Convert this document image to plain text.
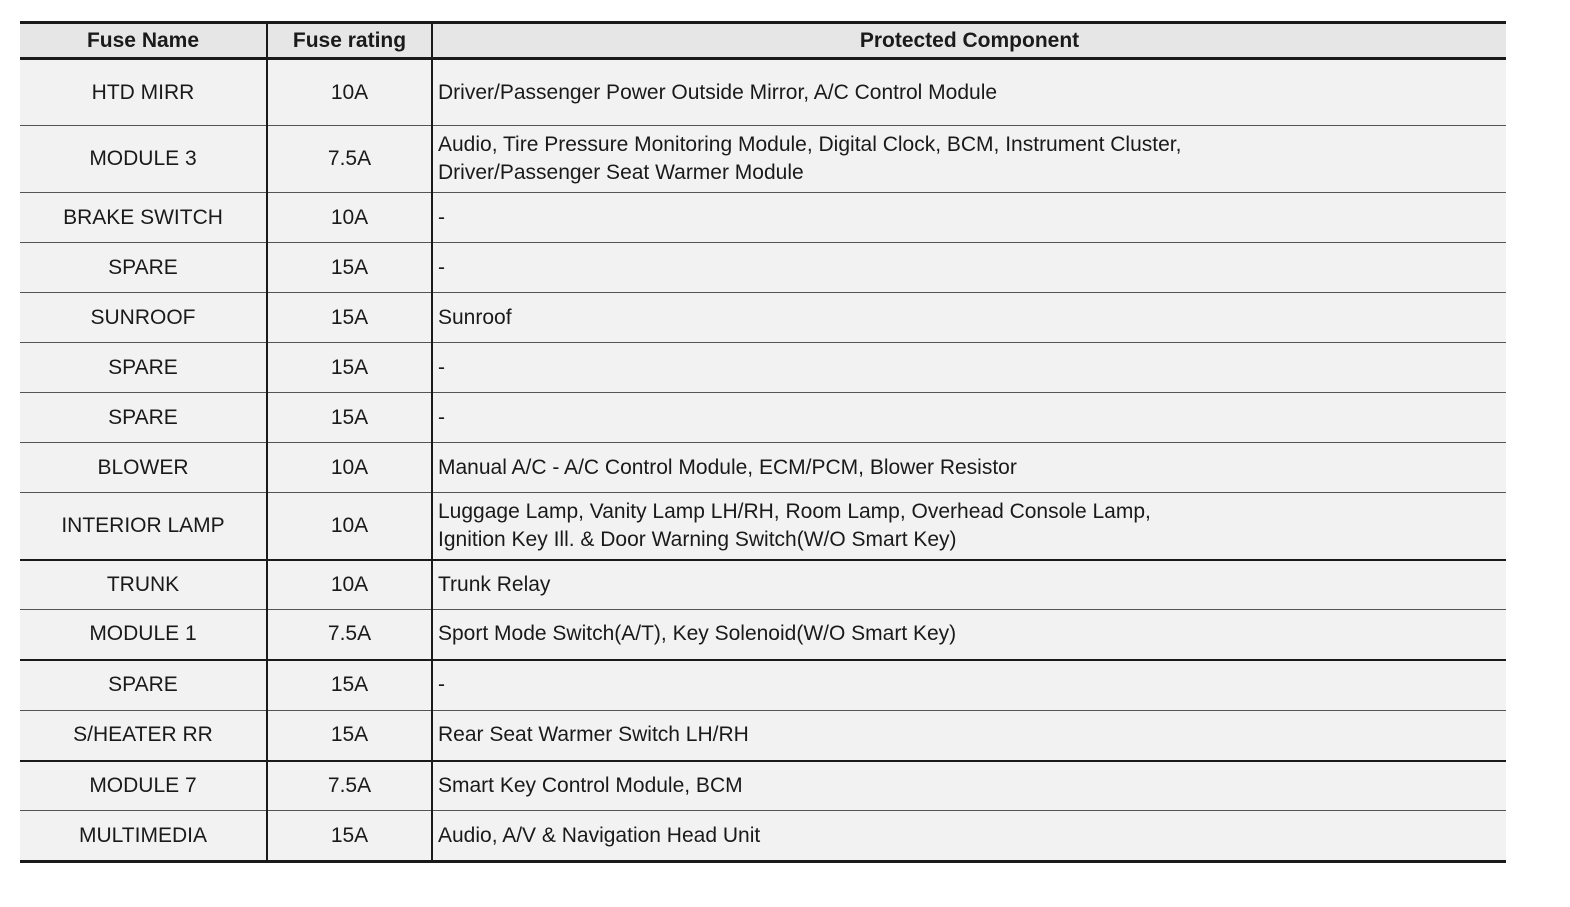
Fuse Name	Fuse rating	Protected Component
HTD MIRR	10A	Driver/Passenger Power Outside Mirror, A/C Control Module

MODULE 3	7.5A	Audio, Tire Pressure Monitoring Module, Digital Clock, BCM, Instrument Cluster,
Driver/Passenger Seat Warmer Module

BRAKE SWITCH	10A	-

SPARE	15A	-

SUNROOF	15A	Sunroof

SPARE	15A	-

SPARE	15A	-

BLOWER	10A	Manual A/C - A/C Control Module, ECM/PCM, Blower Resistor

INTERIOR LAMP	10A	Luggage Lamp, Vanity Lamp LH/RH, Room Lamp, Overhead Console Lamp,
Ignition Key Ill. & Door Warning Switch(W/O Smart Key)

TRUNK	10A	Trunk Relay

MODULE 1	7.5A	Sport Mode Switch(A/T), Key Solenoid(W/O Smart Key)

SPARE	15A	-

S/HEATER RR	15A	Rear Seat Warmer Switch LH/RH

MODULE 7	7.5A	Smart Key Control Module, BCM

MULTIMEDIA	15A	Audio, A/V & Navigation Head Unit
